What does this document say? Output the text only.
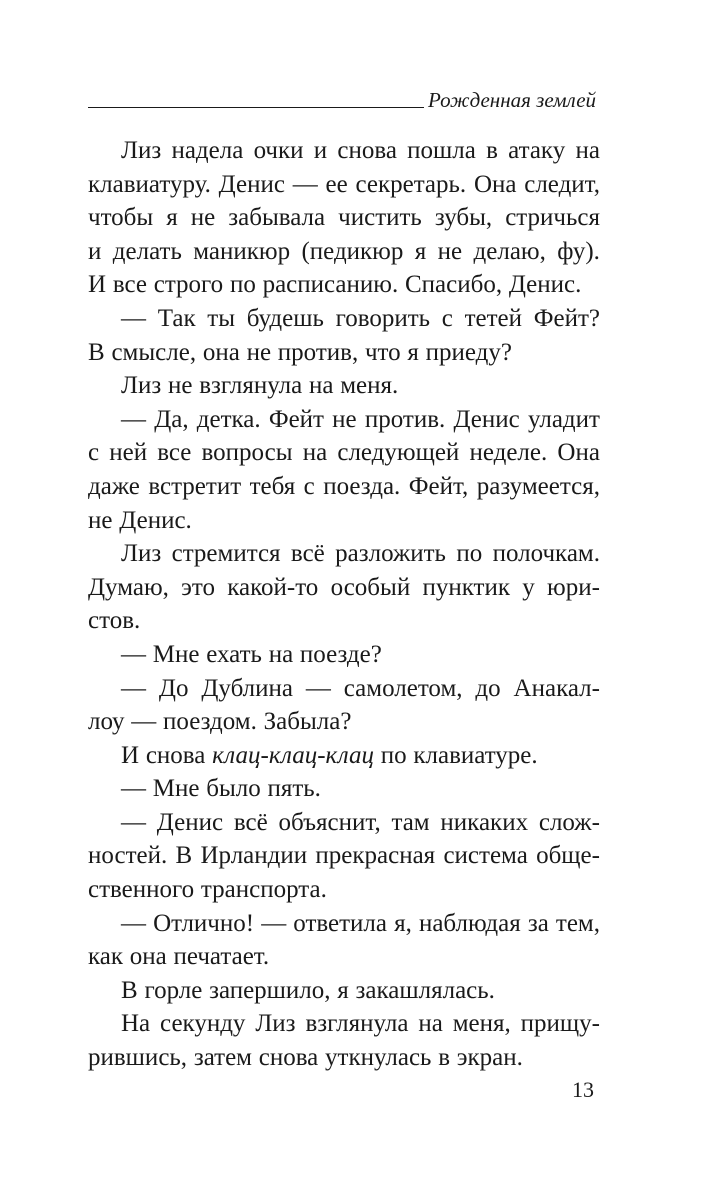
Рожденная землей
Лиз надела очки и снова пошла в атаку на
клавиатуру. Денис — ее секретарь. Она следит,
чтобы я не забывала чистить зубы, стричься
и делать маникюр (педикюр я не делаю, фу).
И все строго по расписанию. Спасибо, Денис.
— Так ты будешь говорить с тетей Фейт?
В смысле, она не против, что я приеду?
Лиз не взглянула на меня.
— Да, детка. Фейт не против. Денис уладит
с ней все вопросы на следующей неделе. Она
даже встретит тебя с поезда. Фейт, разумеется,
не Денис.
Лиз стремится всё разложить по полочкам.
Думаю, это какой-то особый пунктик у юри-
стов.
— Мне ехать на поезде?
— До Дублина — самолетом, до Анакал-
лоу — поездом. Забыла?
И снова клац-клац-клац по клавиатуре.
— Мне было пять.
— Денис всё объяснит, там никаких слож-
ностей. В Ирландии прекрасная система обще-
ственного транспорта.
— Отлично! — ответила я, наблюдая за тем,
как она печатает.
В горле запершило, я закашлялась.
На секунду Лиз взглянула на меня, прищу-
рившись, затем снова уткнулась в экран.
13
